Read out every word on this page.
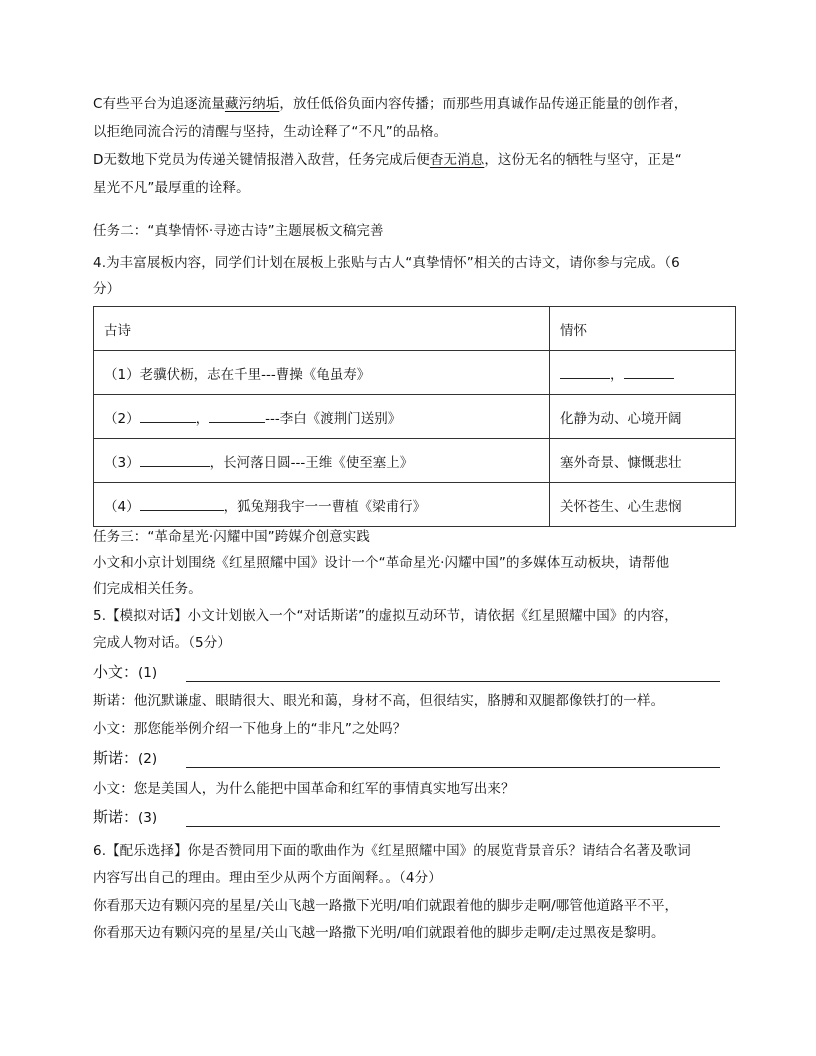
C有些平台为追逐流量藏污纳垢，放任低俗负面内容传播；而那些用真诚作品传递正能量的创作者，
以拒绝同流合污的清醒与坚持，生动诠释了“不凡”的品格。
D无数地下党员为传递关键情报潜入敌营，任务完成后便杳无消息，这份无名的牺牲与坚守，正是“
星光不凡”最厚重的诠释。
任务二：“真挚情怀·寻迹古诗”主题展板文稿完善
4.为丰富展板内容，同学们计划在展板上张贴与古人“真挚情怀”相关的古诗文，请你参与完成。（6
分）
古诗	情怀
（1）老骥伏枥，志在千里---曹操《龟虽寿》	，
（2） ， ---李白《渡荆门送别》	化静为动、心境开阔
（3） ，长河落日圆---王维《使至塞上》	塞外奇景、慷慨悲壮
（4） ，狐兔翔我宇一一曹植《梁甫行》	关怀苍生、心生悲悯
任务三：“革命星光·闪耀中国”跨媒介创意实践
小文和小京计划围绕《红星照耀中国》设计一个“革命星光·闪耀中国”的多媒体互动板块，请帮他
们完成相关任务。
5.【模拟对话】小文计划嵌入一个“对话斯诺”的虚拟互动环节，请依据《红星照耀中国》的内容，
完成人物对话。（5分）
小文：(1)
斯诺：他沉默谦虚、眼睛很大、眼光和蔼，身材不高，但很结实，胳膊和双腿都像铁打的一样。
小文：那您能举例介绍一下他身上的“非凡”之处吗？
斯诺：(2)
小文：您是美国人，为什么能把中国革命和红军的事情真实地写出来？
斯诺：(3)
6.【配乐选择】你是否赞同用下面的歌曲作为《红星照耀中国》的展览背景音乐？请结合名著及歌词
内容写出自己的理由。理由至少从两个方面阐释。。（4分）
你看那天边有颗闪亮的星星/关山飞越一路撒下光明/咱们就跟着他的脚步走啊/哪管他道路平不平，
你看那天边有颗闪亮的星星/关山飞越一路撒下光明/咱们就跟着他的脚步走啊/走过黑夜是黎明。
